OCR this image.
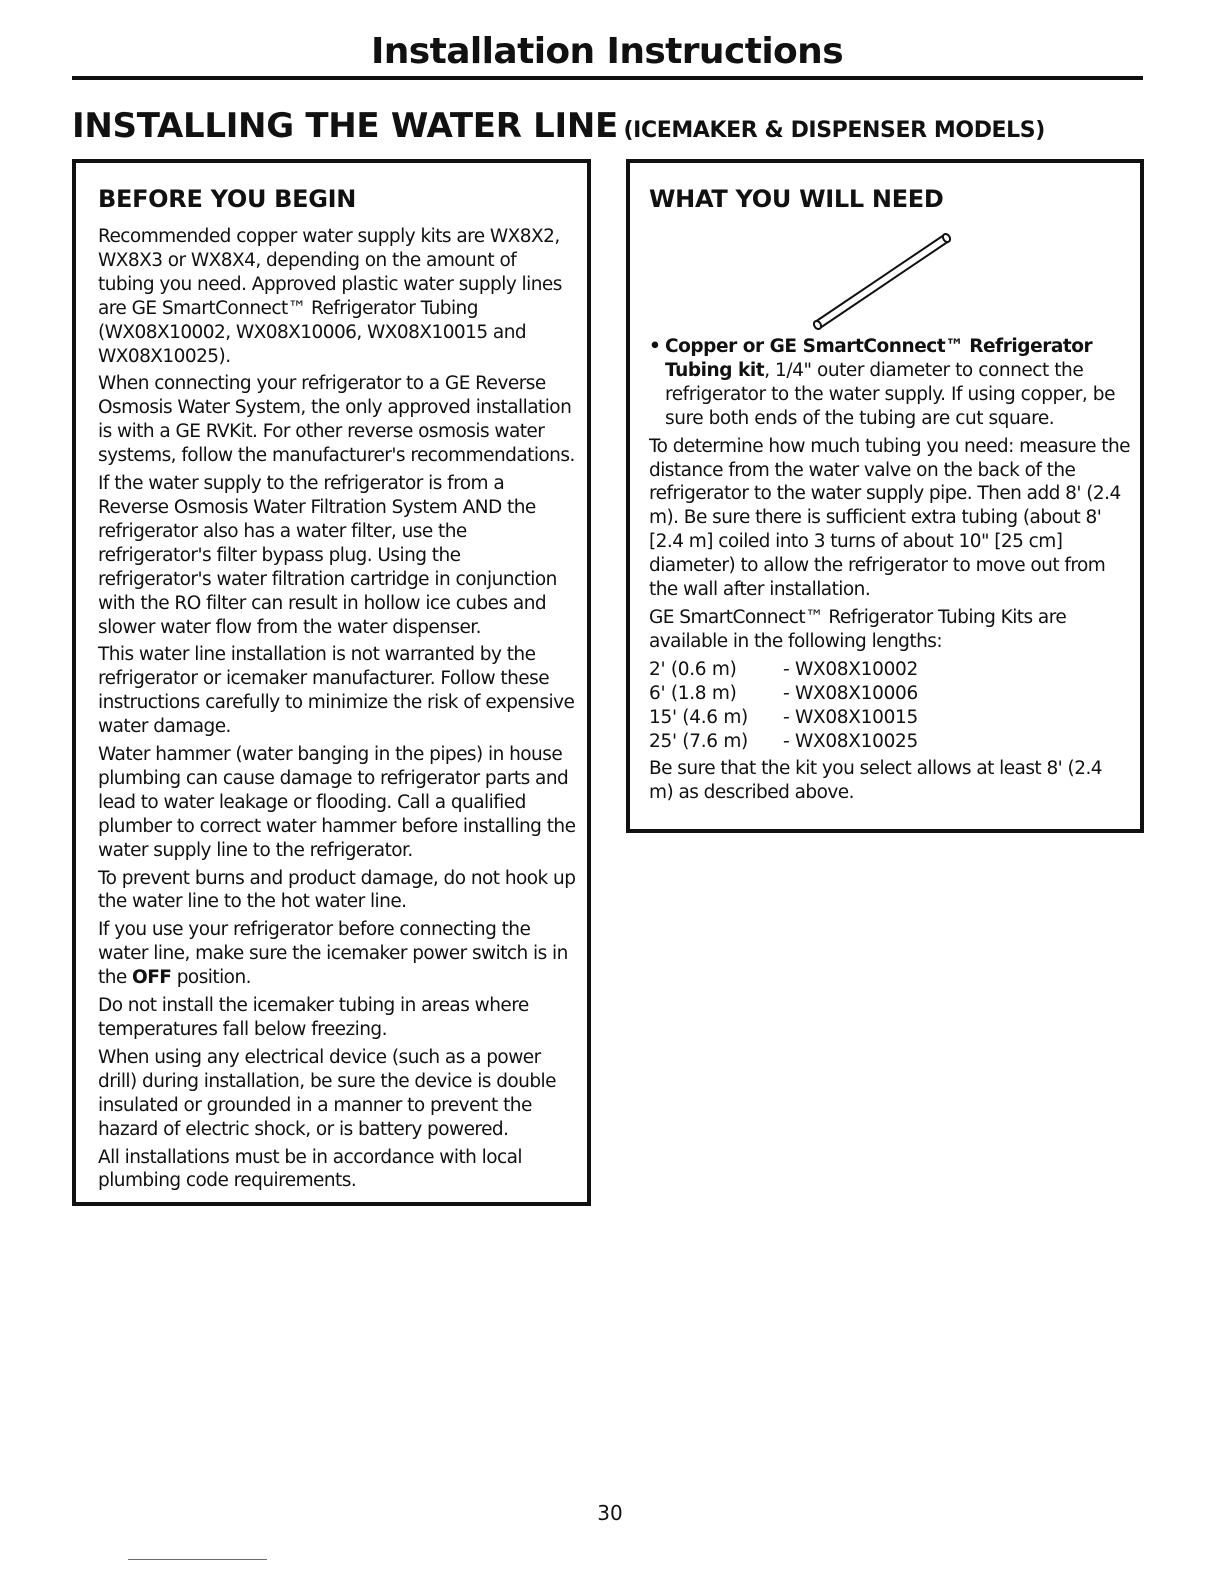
Installation Instructions
INSTALLING THE WATER LINE (ICEMAKER & DISPENSER MODELS)
BEFORE YOU BEGIN

Recommended copper water supply kits are WX8X2, WX8X3 or WX8X4, depending on the amount of tubing you need. Approved plastic water supply lines are GE SmartConnect™ Refrigerator Tubing (WX08X10002, WX08X10006, WX08X10015 and WX08X10025).

When connecting your refrigerator to a GE Reverse Osmosis Water System, the only approved installation is with a GE RVKit. For other reverse osmosis water systems, follow the manufacturer's recommendations.

If the water supply to the refrigerator is from a Reverse Osmosis Water Filtration System AND the refrigerator also has a water filter, use the refrigerator's filter bypass plug. Using the refrigerator's water filtration cartridge in conjunction with the RO filter can result in hollow ice cubes and slower water flow from the water dispenser.

This water line installation is not warranted by the refrigerator or icemaker manufacturer. Follow these instructions carefully to minimize the risk of expensive water damage.

Water hammer (water banging in the pipes) in house plumbing can cause damage to refrigerator parts and lead to water leakage or flooding. Call a qualified plumber to correct water hammer before installing the water supply line to the refrigerator.

To prevent burns and product damage, do not hook up the water line to the hot water line.

If you use your refrigerator before connecting the water line, make sure the icemaker power switch is in the OFF position.

Do not install the icemaker tubing in areas where temperatures fall below freezing.

When using any electrical device (such as a power drill) during installation, be sure the device is double insulated or grounded in a manner to prevent the hazard of electric shock, or is battery powered.

All installations must be in accordance with local plumbing code requirements.

WHAT YOU WILL NEED
• Copper or GE SmartConnect™ Refrigerator Tubing kit, 1/4" outer diameter to connect the refrigerator to the water supply. If using copper, be sure both ends of the tubing are cut square.

To determine how much tubing you need: measure the distance from the water valve on the back of the refrigerator to the water supply pipe. Then add 8' (2.4 m). Be sure there is sufficient extra tubing (about 8' [2.4 m] coiled into 3 turns of about 10" [25 cm] diameter) to allow the refrigerator to move out from the wall after installation.

GE SmartConnect™ Refrigerator Tubing Kits are available in the following lengths:

2' (0.6 m)	- WX08X10002
6' (1.8 m)	- WX08X10006
15' (4.6 m)	- WX08X10015
25' (7.6 m)	- WX08X10025

Be sure that the kit you select allows at least 8' (2.4 m) as described above.

30
